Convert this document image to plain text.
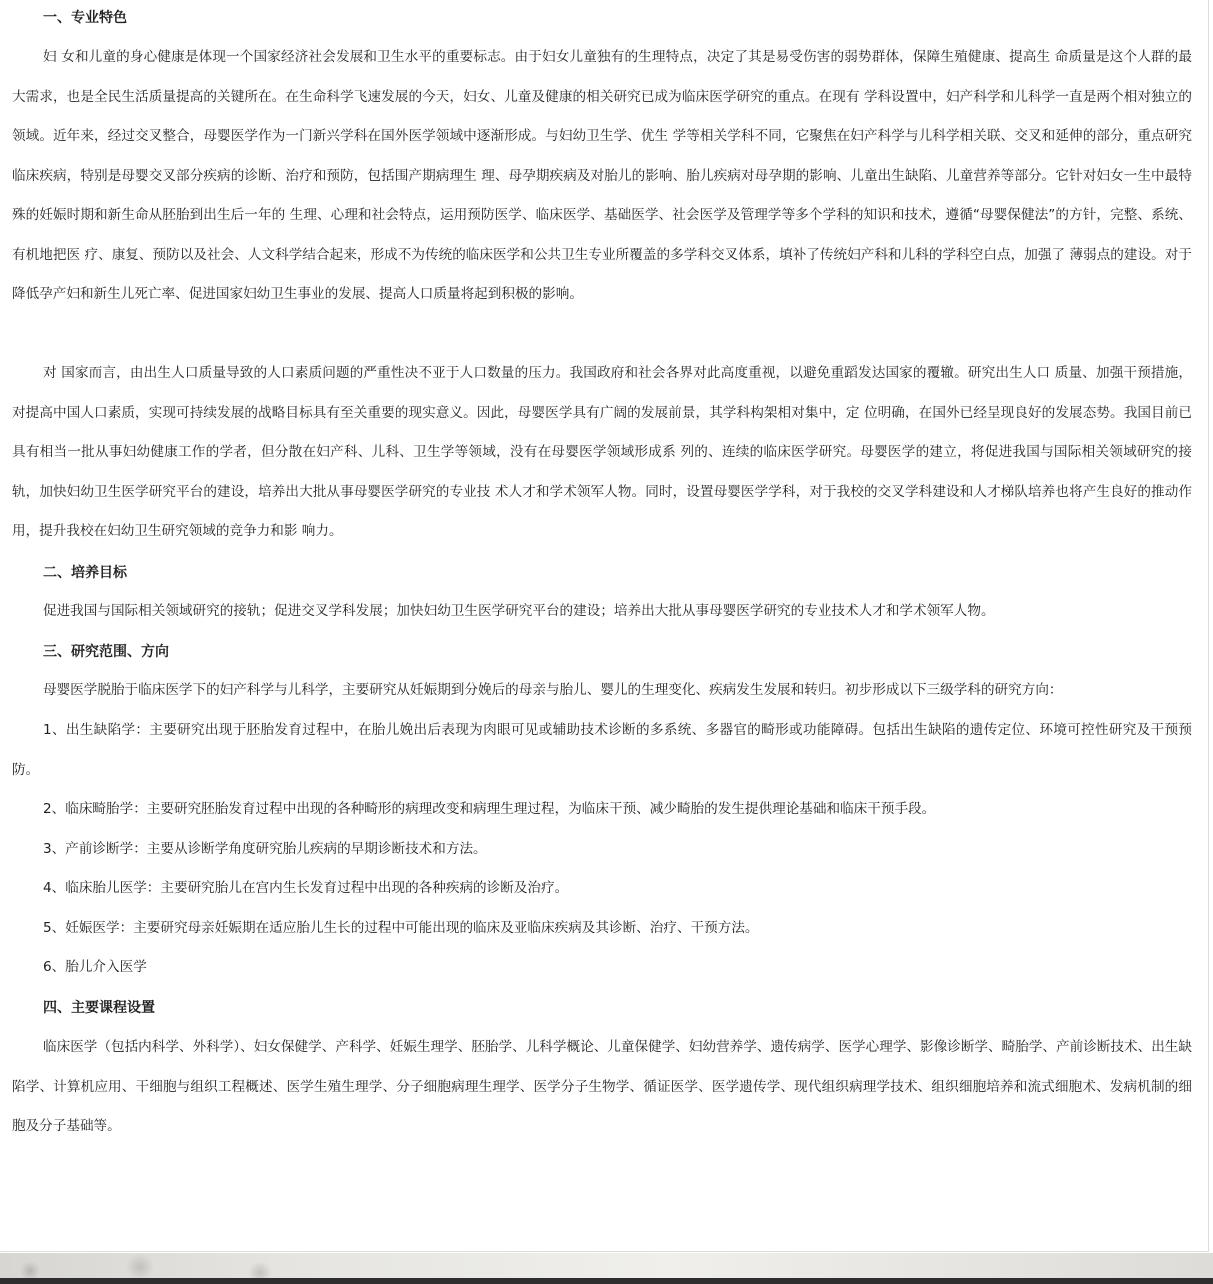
一、专业特色
妇 女和儿童的身心健康是体现一个国家经济社会发展和卫生水平的重要标志。由于妇女儿童独有的生理特点，决定了其是易受伤害的弱势群体，保障生殖健康、提高生 命质量是这个人群的最大需求，也是全民生活质量提高的关键所在。在生命科学飞速发展的今天，妇女、儿童及健康的相关研究已成为临床医学研究的重点。在现有 学科设置中，妇产科学和儿科学一直是两个相对独立的领域。近年来，经过交叉整合，母婴医学作为一门新兴学科在国外医学领域中逐渐形成。与妇幼卫生学、优生 学等相关学科不同，它聚焦在妇产科学与儿科学相关联、交叉和延伸的部分，重点研究临床疾病，特别是母婴交叉部分疾病的诊断、治疗和预防，包括围产期病理生 理、母孕期疾病及对胎儿的影响、胎儿疾病对母孕期的影响、儿童出生缺陷、儿童营养等部分。它针对妇女一生中最特殊的妊娠时期和新生命从胚胎到出生后一年的 生理、心理和社会特点，运用预防医学、临床医学、基础医学、社会医学及管理学等多个学科的知识和技术，遵循“母婴保健法”的方针，完整、系统、有机地把医 疗、康复、预防以及社会、人文科学结合起来，形成不为传统的临床医学和公共卫生专业所覆盖的多学科交叉体系，填补了传统妇产科和儿科的学科空白点，加强了 薄弱点的建设。对于降低孕产妇和新生儿死亡率、促进国家妇幼卫生事业的发展、提高人口质量将起到积极的影响。
对 国家而言，由出生人口质量导致的人口素质问题的严重性决不亚于人口数量的压力。我国政府和社会各界对此高度重视，以避免重蹈发达国家的覆辙。研究出生人口 质量、加强干预措施，对提高中国人口素质，实现可持续发展的战略目标具有至关重要的现实意义。因此，母婴医学具有广阔的发展前景，其学科构架相对集中，定 位明确，在国外已经呈现良好的发展态势。我国目前已具有相当一批从事妇幼健康工作的学者，但分散在妇产科、儿科、卫生学等领域，没有在母婴医学领域形成系 列的、连续的临床医学研究。母婴医学的建立，将促进我国与国际相关领域研究的接轨，加快妇幼卫生医学研究平台的建设，培养出大批从事母婴医学研究的专业技 术人才和学术领军人物。同时，设置母婴医学学科，对于我校的交叉学科建设和人才梯队培养也将产生良好的推动作用，提升我校在妇幼卫生研究领域的竞争力和影 响力。
二、培养目标
促进我国与国际相关领域研究的接轨；促进交叉学科发展；加快妇幼卫生医学研究平台的建设；培养出大批从事母婴医学研究的专业技术人才和学术领军人物。
三、研究范围、方向
母婴医学脱胎于临床医学下的妇产科学与儿科学，主要研究从妊娠期到分娩后的母亲与胎儿、婴儿的生理变化、疾病发生发展和转归。初步形成以下三级学科的研究方向：
1、出生缺陷学：主要研究出现于胚胎发育过程中，在胎儿娩出后表现为肉眼可见或辅助技术诊断的多系统、多器官的畸形或功能障碍。包括出生缺陷的遗传定位、环境可控性研究及干预预防。
2、临床畸胎学：主要研究胚胎发育过程中出现的各种畸形的病理改变和病理生理过程，为临床干预、减少畸胎的发生提供理论基础和临床干预手段。
3、产前诊断学：主要从诊断学角度研究胎儿疾病的早期诊断技术和方法。
4、临床胎儿医学：主要研究胎儿在宫内生长发育过程中出现的各种疾病的诊断及治疗。
5、妊娠医学：主要研究母亲妊娠期在适应胎儿生长的过程中可能出现的临床及亚临床疾病及其诊断、治疗、干预方法。
6、胎儿介入医学
四、主要课程设置
临床医学（包括内科学、外科学）、妇女保健学、产科学、妊娠生理学、胚胎学、儿科学概论、儿童保健学、妇幼营养学、遗传病学、医学心理学、影像诊断学、畸胎学、产前诊断技术、出生缺陷学、计算机应用、干细胞与组织工程概述、医学生殖生理学、分子细胞病理生理学、医学分子生物学、循证医学、医学遗传学、现代组织病理学技术、组织细胞培养和流式细胞术、发病机制的细胞及分子基础等。
